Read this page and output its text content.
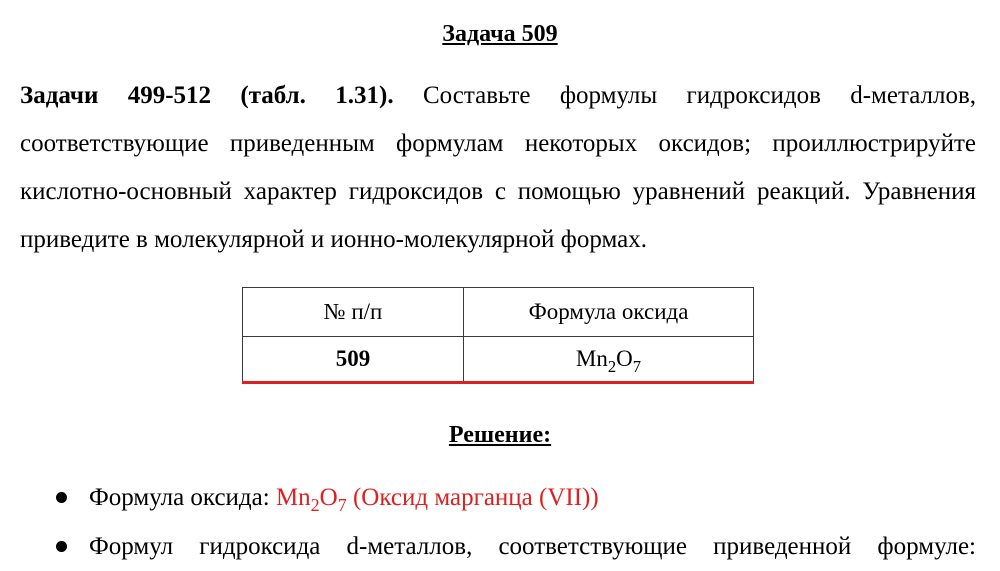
Задача 509
Задачи 499-512 (табл. 1.31). Составьте формулы гидроксидов d-металлов, соответствующие приведенным формулам некоторых оксидов; проиллюстрируйте кислотно-основный характер гидроксидов с помощью уравнений реакций. Уравнения приведите в молекулярной и ионно-молекулярной формах.
№ п/п	Формула оксида
509	$Mn_2O_7$
Решение:
Формула оксида: $Mn_2O_7$ (Оксид марганца (VII))
Формул гидроксида d-металлов, соответствующие приведенной формуле:
